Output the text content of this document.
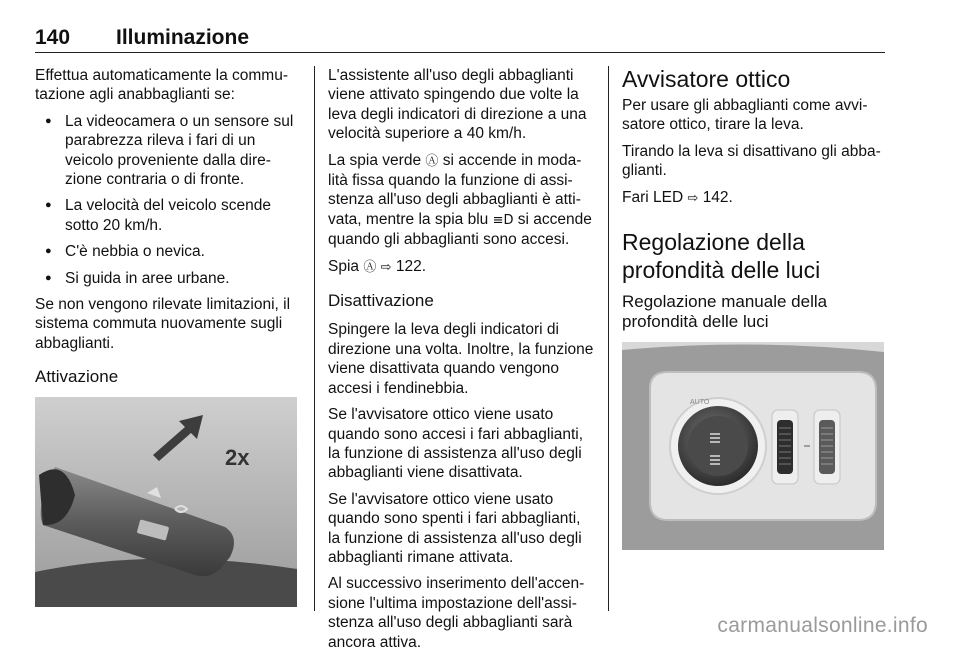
140 Illuminazione

Effettua automaticamente la commutazione agli anabbaglianti se:

● La videocamera o un sensore sul parabrezza rileva i fari di un veicolo proveniente dalla direzione contraria o di fronte.
● La velocità del veicolo scende sotto 20 km/h.
● C'è nebbia o nevica.
● Si guida in aree urbane.

Se non vengono rilevate limitazioni, il sistema commuta nuovamente sugli abbaglianti.

Attivazione
2x

L'assistente all'uso degli abbaglianti viene attivato spingendo due volte la leva degli indicatori di direzione a una velocità superiore a 40 km/h.

La spia verde Ⓐ si accende in modalità fissa quando la funzione di assistenza all'uso degli abbaglianti è attivata, mentre la spia blu ≡D si accende quando gli abbaglianti sono accesi.

Spia Ⓐ ⇨ 122.

Disattivazione

Spingere la leva degli indicatori di direzione una volta. Inoltre, la funzione viene disattivata quando vengono accesi i fendinebbia.

Se l'avvisatore ottico viene usato quando sono accesi i fari abbaglianti, la funzione di assistenza all'uso degli abbaglianti viene disattivata.

Se l'avvisatore ottico viene usato quando sono spenti i fari abbaglianti, la funzione di assistenza all'uso degli abbaglianti rimane attivata.

Al successivo inserimento dell'accensione l'ultima impostazione dell'assistenza all'uso degli abbaglianti sarà ancora attiva.

Avvisatore ottico

Per usare gli abbaglianti come avvisatore ottico, tirare la leva.

Tirando la leva si disattivano gli abbaglianti.

Fari LED ⇨ 142.

Regolazione della profondità delle luci
Regolazione manuale della profondità delle luci
AUTO
carmanualsonline.info
